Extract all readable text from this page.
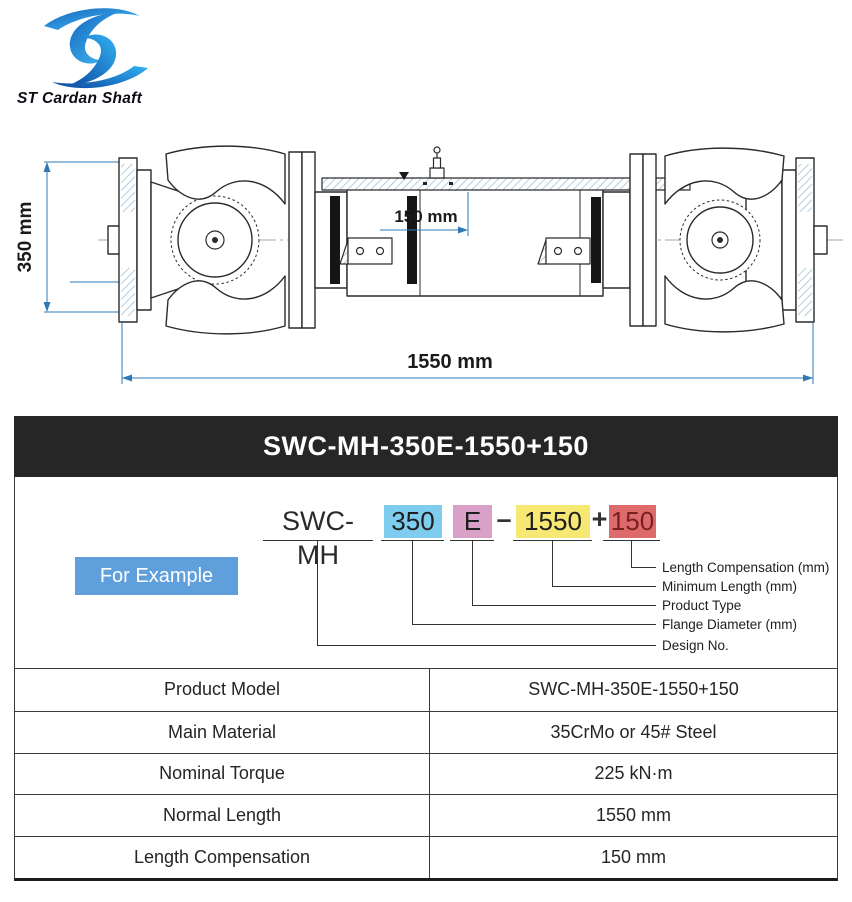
ST Cardan Shaft
350 mm	150 mm
1550 mm
SWC-MH-350E-1550+150
For Example
SWC-MH
350	E – 1550 + 150
Length Compensation (mm)
Minimum Length (mm)
Product Type
Flange Diameter (mm)
Design No.
Product Model	SWC-MH-350E-1550+150
Main Material	35CrMo or 45# Steel
Nominal Torque	225 kN·m
Normal Length	1550 mm
Length Compensation	150 mm
